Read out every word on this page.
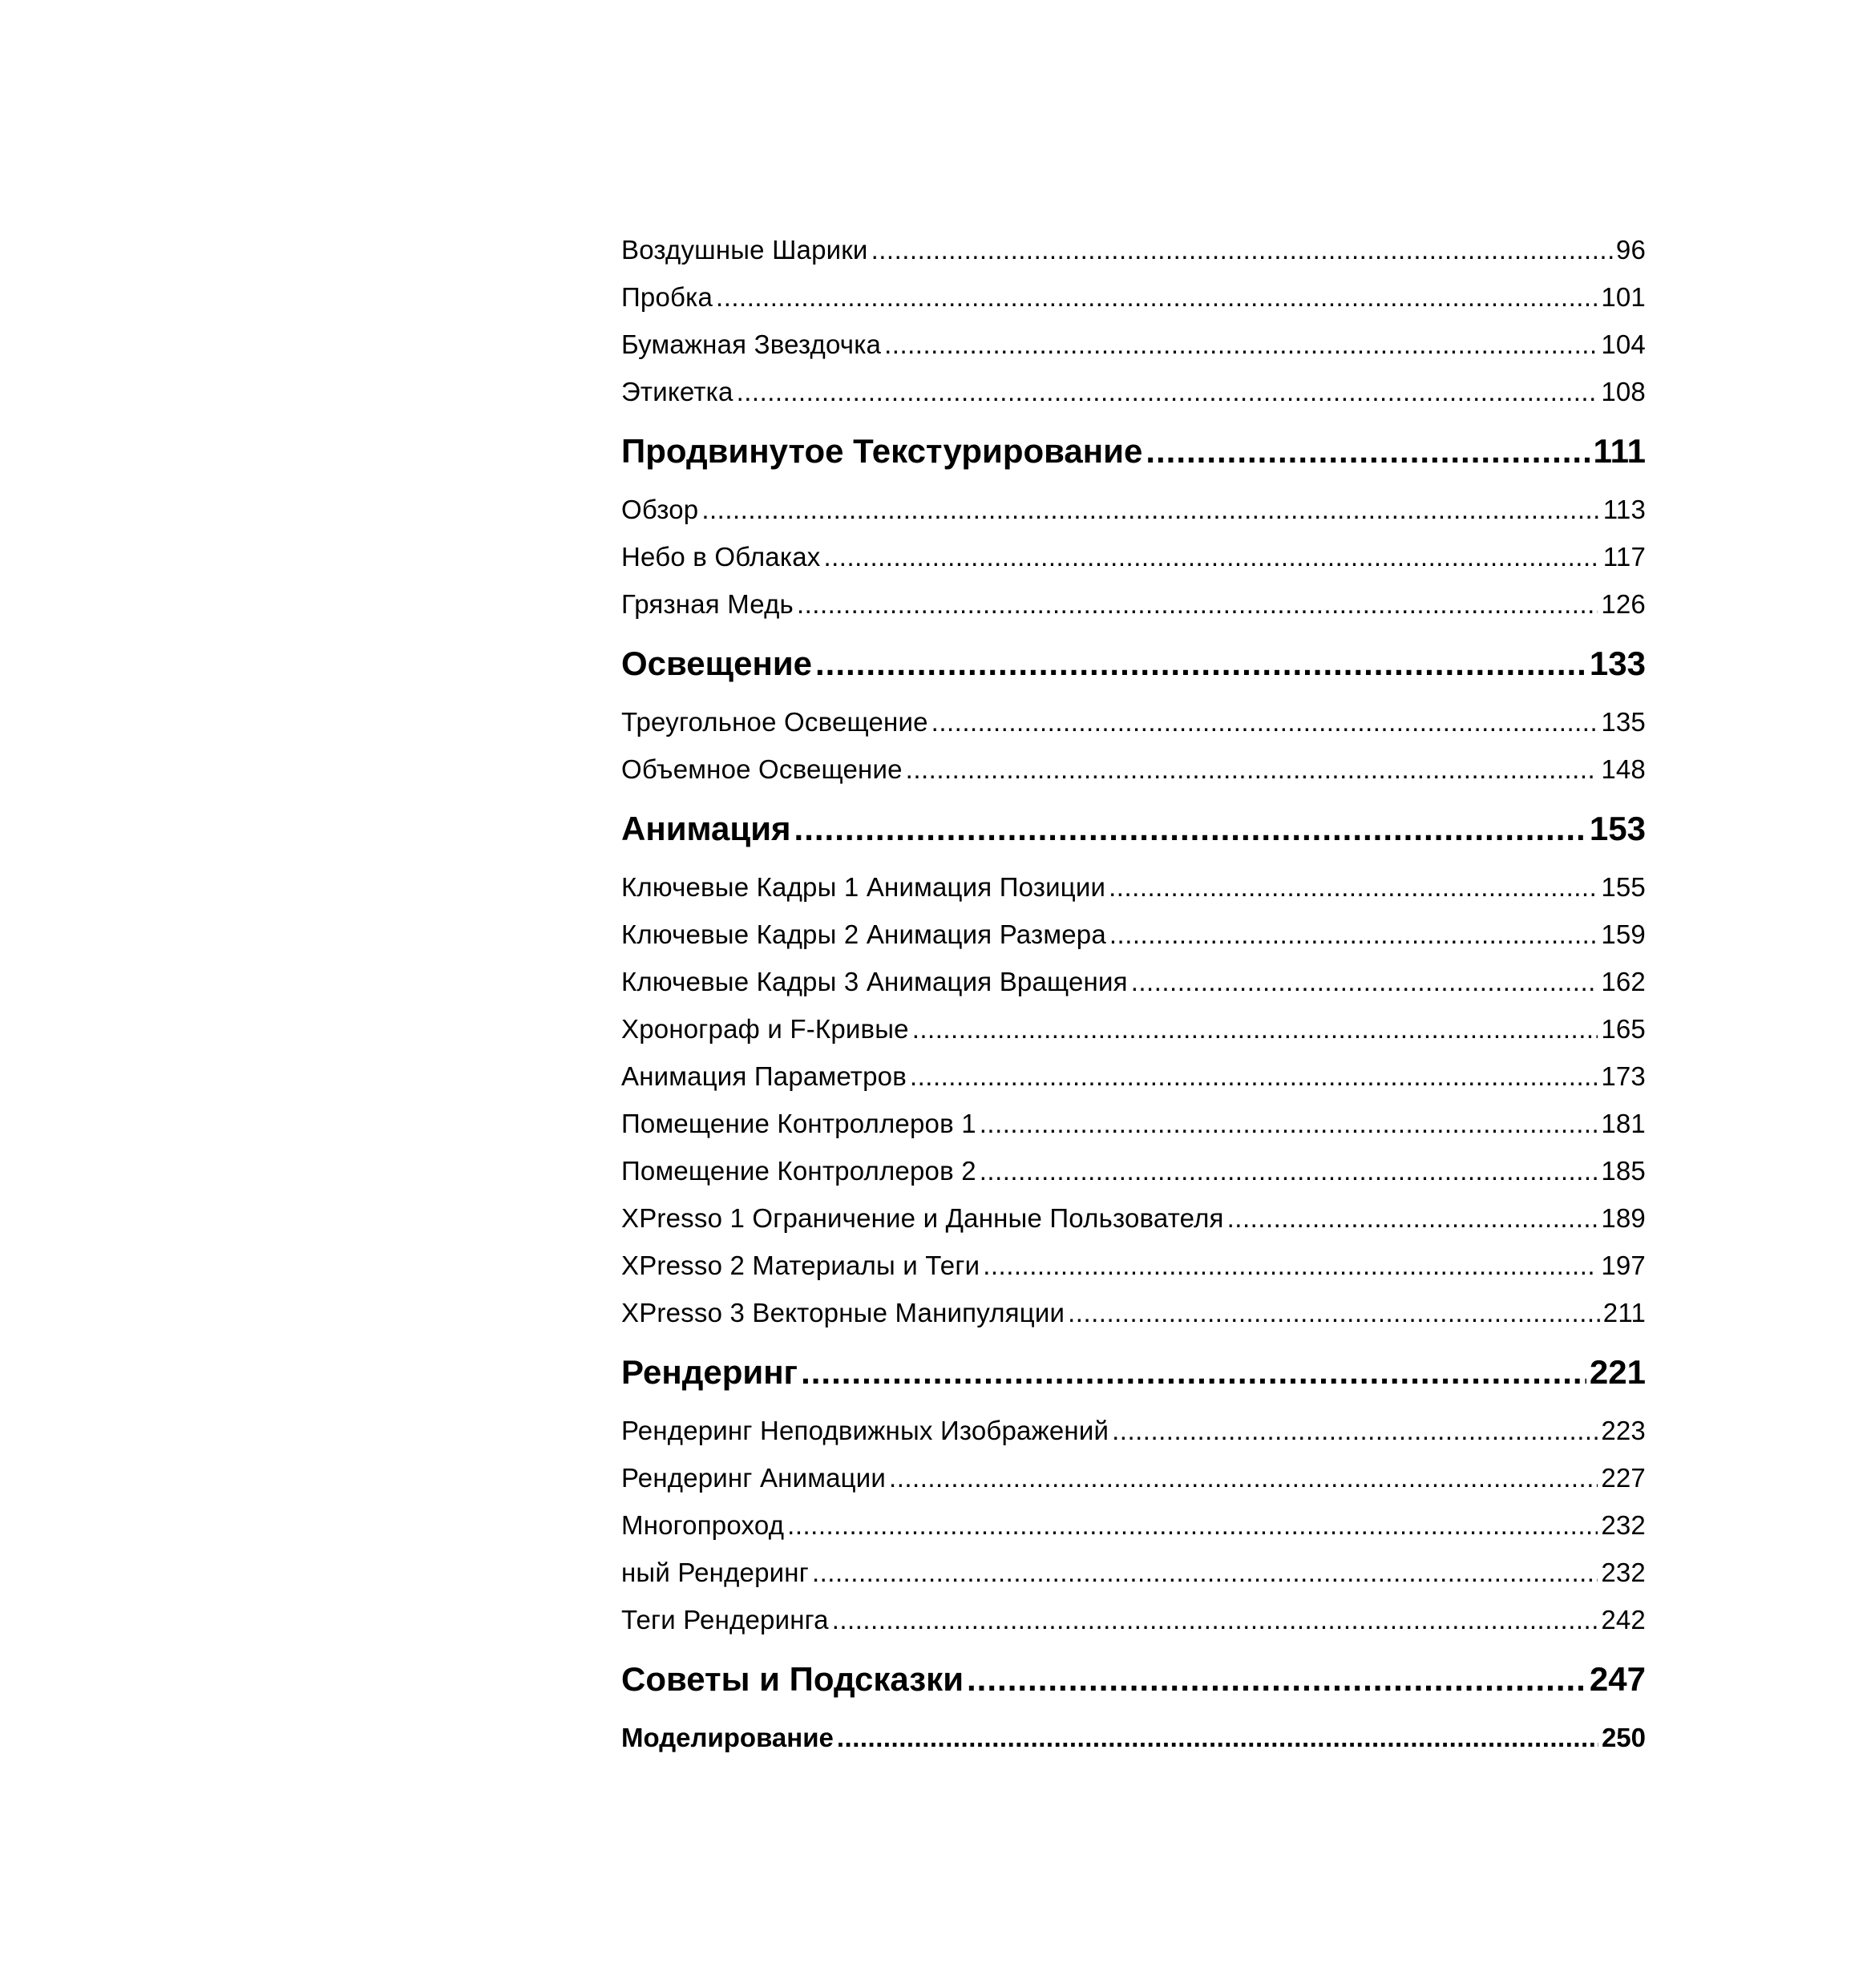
Воздушные Шарики .....	96
Пробка .....	101
Бумажная Звездочка .....	104
Этикетка .....	108
Продвинутое Текстурирование .....	111
Обзор .....	113
Небо в Облаках .....	117
Грязная Медь .....	126
Освещение .....	133
Треугольное Освещение .....	135
Объемное Освещение .....	148
Анимация .....	153
Ключевые Кадры 1 Анимация Позиции .....	155
Ключевые Кадры 2 Анимация Размера .....	159
Ключевые Кадры 3 Анимация Вращения .....	162
Хронограф и F-Кривые .....	165
Анимация Параметров .....	173
Помещение Контроллеров 1 .....	181
Помещение Контроллеров 2 .....	185
XPresso 1 Ограничение и Данные Пользователя .....	189
XPresso 2 Материалы и Теги .....	197
XPresso 3 Векторные Манипуляции .....	211
Рендеринг .....	221
Рендеринг Неподвижных Изображений .....	223
Рендеринг Анимации .....	227
Многопроход .....	232
ный Рендеринг .....	232
Теги Рендеринга .....	242
Советы и Подсказки .....	247
Моделирование .....	250
